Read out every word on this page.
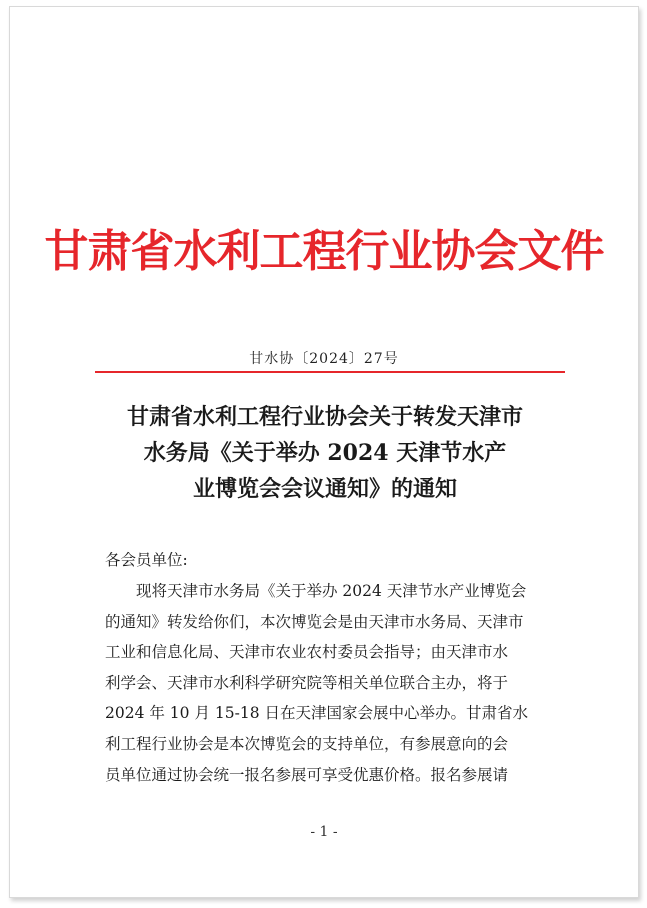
甘肃省水利工程行业协会文件
甘水协〔2024〕27号
甘肃省水利工程行业协会关于转发天津市
水务局《关于举办 2024 天津节水产
业博览会会议通知》的通知
各会员单位:
　　现将天津市水务局《关于举办 2024 天津节水产业博览会
的通知》转发给你们，本次博览会是由天津市水务局、天津市
工业和信息化局、天津市农业农村委员会指导；由天津市水
利学会、天津市水利科学研究院等相关单位联合主办，将于
2024 年 10 月 15-18 日在天津国家会展中心举办。甘肃省水
利工程行业协会是本次博览会的支持单位，有参展意向的会
员单位通过协会统一报名参展可享受优惠价格。报名参展请
- 1 -
